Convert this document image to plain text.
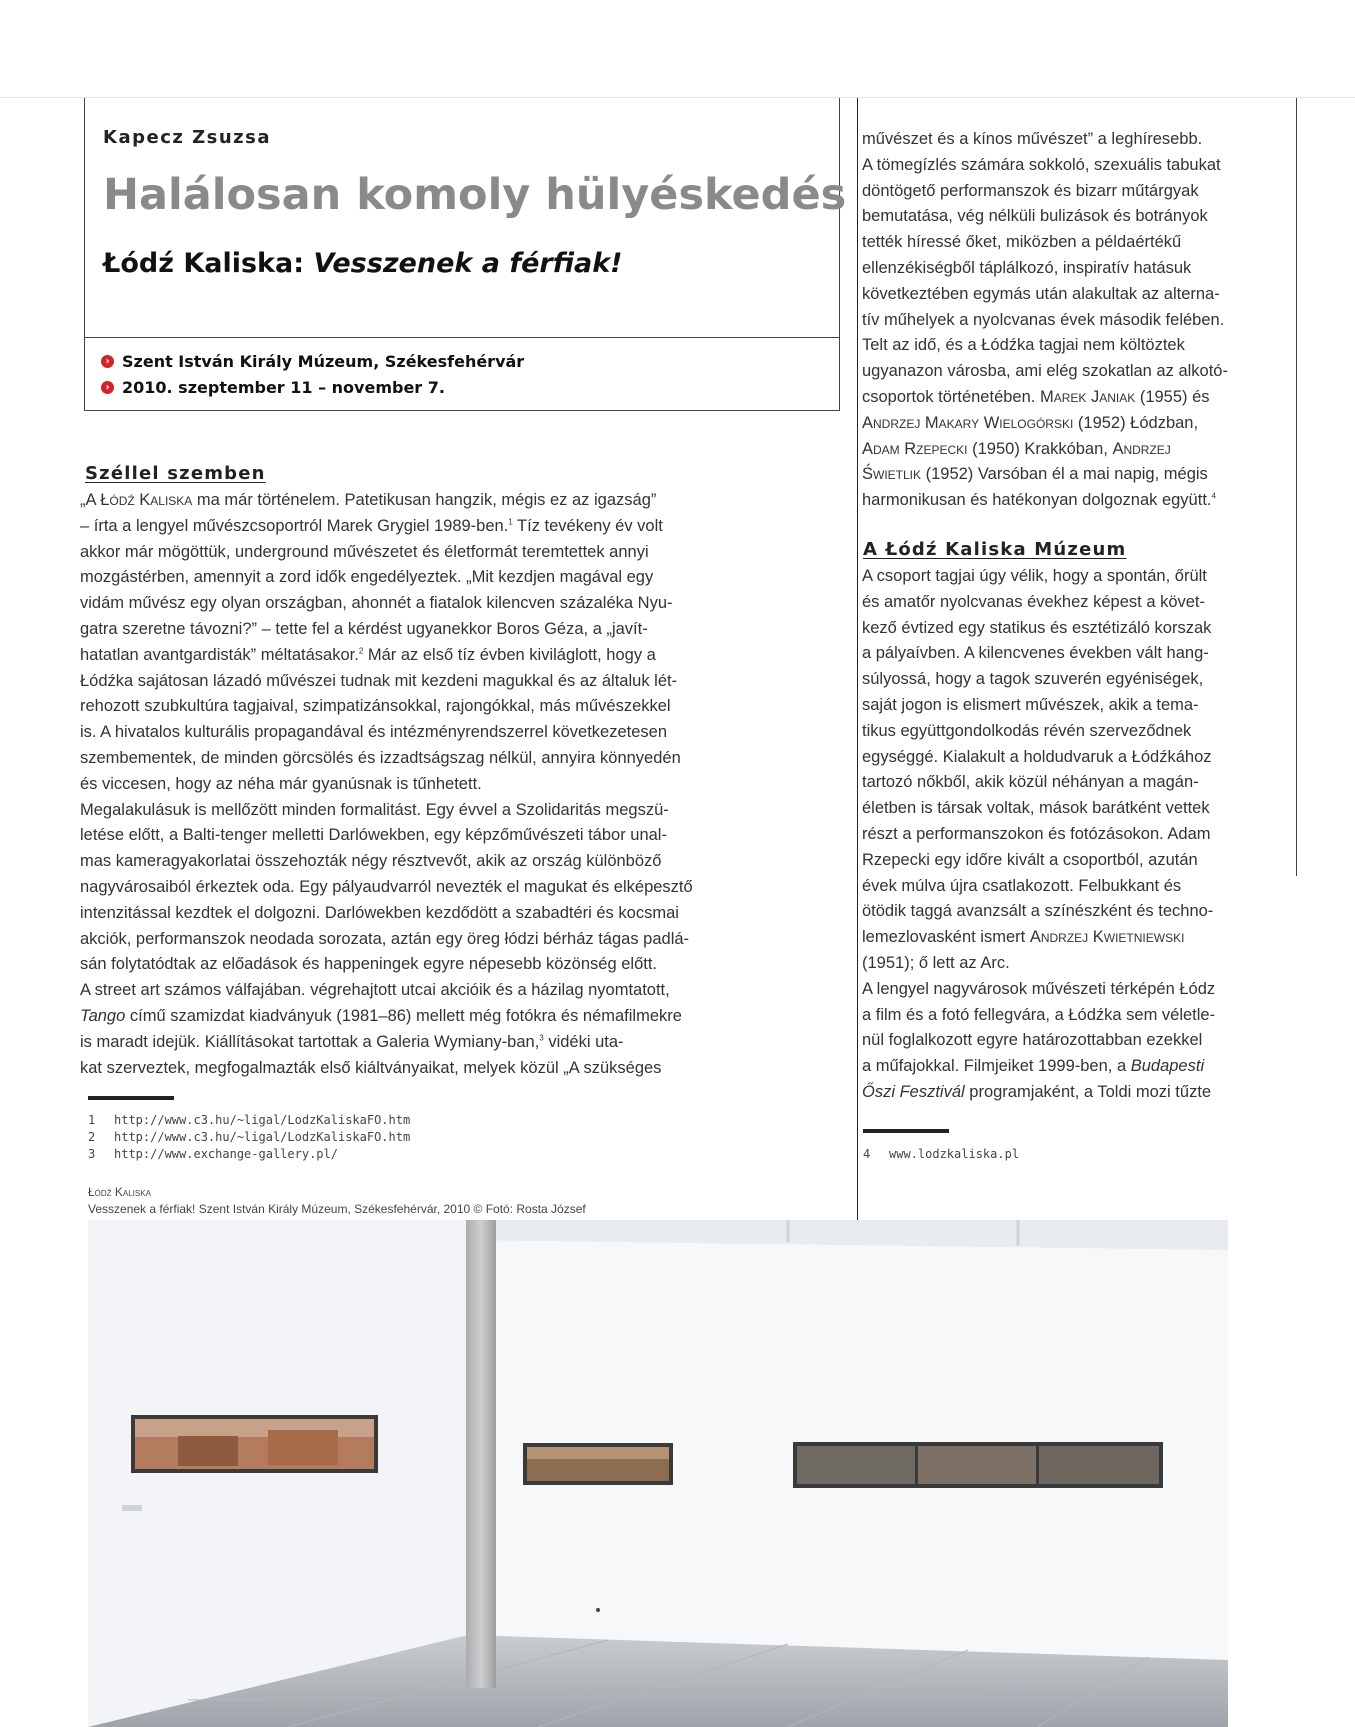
Kapecz Zsuzsa
Halálosan komoly hülyéskedés
Łódź Kaliska: Vesszenek a férfiak!
› Szent István Király Múzeum, Székesfehérvár
› 2010. szeptember 11 – november 7.
Széllel szemben
„A Łódź Kaliska ma már történelem. Patetikusan hangzik, mégis ez az igazság”
– írta a lengyel művészcsoportról Marek Grygiel 1989-ben.$^1$ Tíz tevékeny év volt
akkor már mögöttük, underground művészetet és életformát teremtettek annyi
mozgástérben, amennyit a zord idők engedélyeztek. „Mit kezdjen magával egy
vidám művész egy olyan országban, ahonnét a fiatalok kilencven százaléka Nyu-
gatra szeretne távozni?” – tette fel a kérdést ugyanekkor Boros Géza, a „javít-
hatatlan avantgardisták” méltatásakor.$^2$ Már az első tíz évben kiviláglott, hogy a
Łódźka sajátosan lázadó művészei tudnak mit kezdeni magukkal és az általuk lét-
rehozott szubkultúra tagjaival, szimpatizánsokkal, rajongókkal, más művészekkel
is. A hivatalos kulturális propagandával és intézményrendszerrel következetesen
szembementek, de minden görcsölés és izzadtságszag nélkül, annyira könnyedén
és viccesen, hogy az néha már gyanúsnak is tűnhetett.
Megalakulásuk is mellőzött minden formalitást. Egy évvel a Szolidaritás megszü-
letése előtt, a Balti-tenger melletti Darlówekben, egy képzőművészeti tábor unal-
mas kameragyakorlatai összehozták négy résztvevőt, akik az ország különböző
nagyvárosaiból érkeztek oda. Egy pályaudvarról nevezték el magukat és elképesztő
intenzitással kezdtek el dolgozni. Darlówekben kezdődött a szabadtéri és kocsmai
akciók, performanszok neodada sorozata, aztán egy öreg łódzi bérház tágas padlá-
sán folytatódtak az előadások és happeningek egyre népesebb közönség előtt.
A street art számos válfajában. végrehajtott utcai akcióik és a házilag nyomtatott,
Tango című szamizdat kiadványuk (1981–86) mellett még fotókra és némafilmekre
is maradt idejük. Kiállításokat tartottak a Galeria Wymiany-ban,$^3$ vidéki uta-
kat szerveztek, megfogalmazták első kiáltványaikat, melyek közül „A szükséges
1 http://www.c3.hu/~ligal/LodzKaliskaFO.htm
2 http://www.c3.hu/~ligal/LodzKaliskaFO.htm
3 http://www.exchange-gallery.pl/
művészet és a kínos művészet” a leghíresebb.
A tömegízlés számára sokkoló, szexuális tabukat
döntögető performanszok és bizarr műtárgyak
bemutatása, vég nélküli bulizások és botrányok
tették híressé őket, miközben a példaértékű
ellenzékiségből táplálkozó, inspiratív hatásuk
következtében egymás után alakultak az alterna-
tív műhelyek a nyolcvanas évek második felében.
Telt az idő, és a Łódźka tagjai nem költöztek
ugyanazon városba, ami elég szokatlan az alkotó-
csoportok történetében. Marek Janiak (1955) és
Andrzej Makary Wielogórski (1952) Łódzban,
Adam Rzepecki (1950) Krakkóban, Andrzej
Świetlik (1952) Varsóban él a mai napig, mégis
harmonikusan és hatékonyan dolgoznak együtt.$^4$
A Łódź Kaliska Múzeum
A csoport tagjai úgy vélik, hogy a spontán, őrült
és amatőr nyolcvanas évekhez képest a követ-
kező évtized egy statikus és esztétizáló korszak
a pályaívben. A kilencvenes években vált hang-
súlyossá, hogy a tagok szuverén egyéniségek,
saját jogon is elismert művészek, akik a tema-
tikus együttgondolkodás révén szerveződnek
egységgé. Kialakult a holdudvaruk a Łódźkához
tartozó nőkből, akik közül néhányan a magán-
életben is társak voltak, mások barátként vettek
részt a performanszokon és fotózásokon. Adam
Rzepecki egy időre kivált a csoportból, azután
évek múlva újra csatlakozott. Felbukkant és
ötödik taggá avanzsált a színészként és techno-
lemezlovasként ismert Andrzej Kwietniewski
(1951); ő lett az Arc.
A lengyel nagyvárosok művészeti térképén Łódz
a film és a fotó fellegvára, a Łódźka sem véletle-
nül foglalkozott egyre határozottabban ezekkel
a műfajokkal. Filmjeiket 1999-ben, a Budapesti
Őszi Fesztivál programjaként, a Toldi mozi tűzte
4 www.lodzkaliska.pl
Łódź Kaliska
Vesszenek a férfiak! Szent István Király Múzeum, Székesfehérvár, 2010 © Fotó: Rosta József
